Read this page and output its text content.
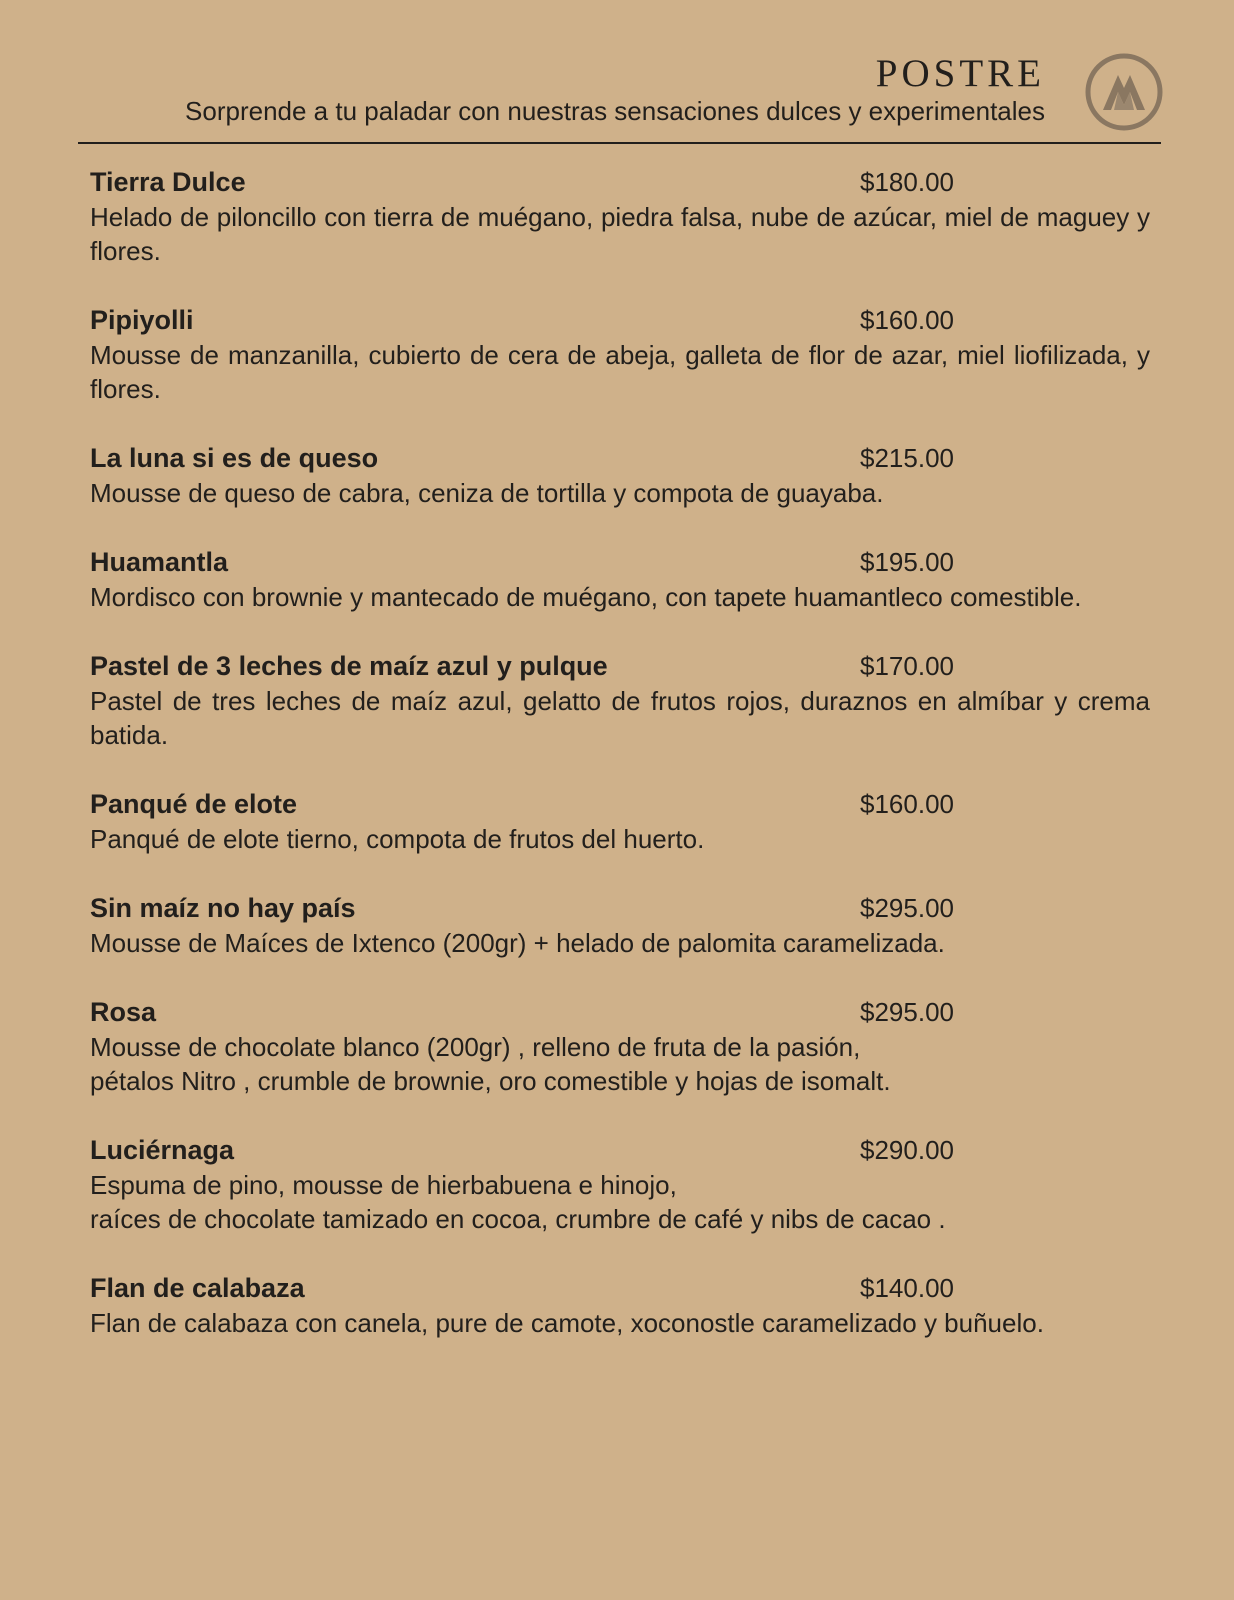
POSTRE

Sorprende a tu paladar con nuestras sensaciones dulces y experimentales

Tierra Dulce	$180.00
Helado de piloncillo con tierra de muégano, piedra falsa, nube de azúcar, miel de maguey y flores.
Pipiyolli	$160.00
Mousse de manzanilla, cubierto de cera de abeja, galleta de flor de azar, miel liofilizada, y flores.
La luna si es de queso	$215.00
Mousse de queso de cabra, ceniza de tortilla y compota de guayaba.
Huamantla	$195.00
Mordisco con brownie y mantecado de muégano, con tapete huamantleco comestible.
Pastel de 3 leches de maíz azul y pulque	$170.00
Pastel de tres leches de maíz azul, gelatto de frutos rojos, duraznos en almíbar y crema batida.
Panqué de elote	$160.00
Panqué de elote tierno, compota de frutos del huerto.
Sin maíz no hay país	$295.00
Mousse de Maíces de Ixtenco (200gr) + helado de palomita caramelizada.
Rosa	$295.00
Mousse de chocolate blanco (200gr) , relleno de fruta de la pasión,
pétalos Nitro , crumble de brownie, oro comestible y hojas de isomalt.
Luciérnaga	$290.00
Espuma de pino, mousse de hierbabuena e hinojo,
raíces de chocolate tamizado en cocoa, crumbre de café y nibs de cacao .
Flan de calabaza	$140.00
Flan de calabaza con canela, pure de camote, xoconostle caramelizado y buñuelo.
